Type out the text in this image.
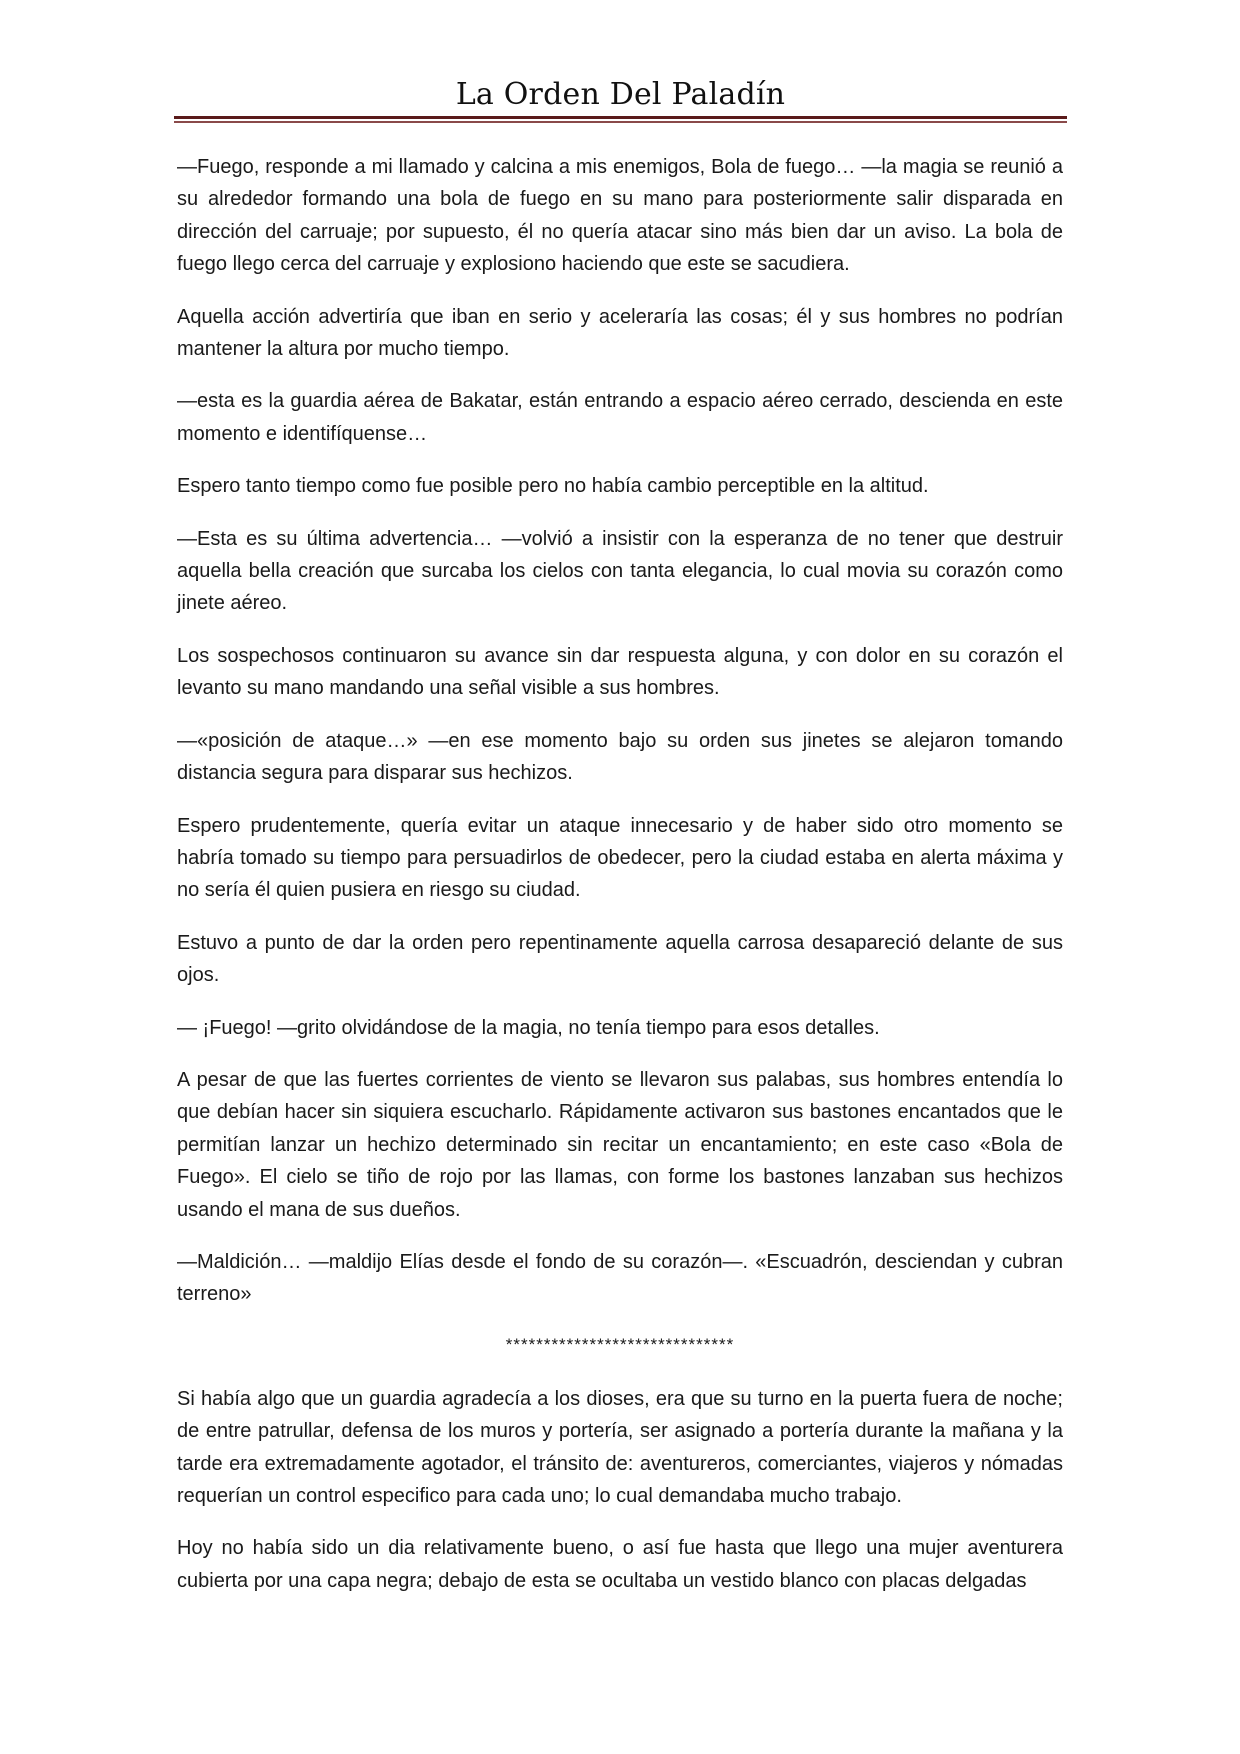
La Orden Del Paladín

—Fuego, responde a mi llamado y calcina a mis enemigos, Bola de fuego… —la magia se reunió a su alrededor formando una bola de fuego en su mano para posteriormente salir disparada en dirección del carruaje; por supuesto, él no quería atacar sino más bien dar un aviso. La bola de fuego llego cerca del carruaje y explosiono haciendo que este se sacudiera.

Aquella acción advertiría que iban en serio y aceleraría las cosas; él y sus hombres no podrían mantener la altura por mucho tiempo.

—esta es la guardia aérea de Bakatar, están entrando a espacio aéreo cerrado, descienda en este momento e identifíquense…

Espero tanto tiempo como fue posible pero no había cambio perceptible en la altitud.

—Esta es su última advertencia… —volvió a insistir con la esperanza de no tener que destruir aquella bella creación que surcaba los cielos con tanta elegancia, lo cual movia su corazón como jinete aéreo.

Los sospechosos continuaron su avance sin dar respuesta alguna, y con dolor en su corazón el levanto su mano mandando una señal visible a sus hombres.

—«posición de ataque…» —en ese momento bajo su orden sus jinetes se alejaron tomando distancia segura para disparar sus hechizos.

Espero prudentemente, quería evitar un ataque innecesario y de haber sido otro momento se habría tomado su tiempo para persuadirlos de obedecer, pero la ciudad estaba en alerta máxima y no sería él quien pusiera en riesgo su ciudad.

Estuvo a punto de dar la orden pero repentinamente aquella carrosa desapareció delante de sus ojos.

— ¡Fuego! —grito olvidándose de la magia, no tenía tiempo para esos detalles.

A pesar de que las fuertes corrientes de viento se llevaron sus palabas, sus hombres entendía lo que debían hacer sin siquiera escucharlo. Rápidamente activaron sus bastones encantados que le permitían lanzar un hechizo determinado sin recitar un encantamiento; en este caso «Bola de Fuego». El cielo se tiño de rojo por las llamas, con forme los bastones lanzaban sus hechizos usando el mana de sus dueños.

—Maldición… —maldijo Elías desde el fondo de su corazón—. «Escuadrón, desciendan y cubran terreno»

******************************

Si había algo que un guardia agradecía a los dioses, era que su turno en la puerta fuera de noche; de entre patrullar, defensa de los muros y portería, ser asignado a portería durante la mañana y la tarde era extremadamente agotador, el tránsito de: aventureros, comerciantes, viajeros y nómadas requerían un control especifico para cada uno; lo cual demandaba mucho trabajo.

Hoy no había sido un dia relativamente bueno, o así fue hasta que llego una mujer aventurera cubierta por una capa negra; debajo de esta se ocultaba un vestido blanco con placas delgadas
